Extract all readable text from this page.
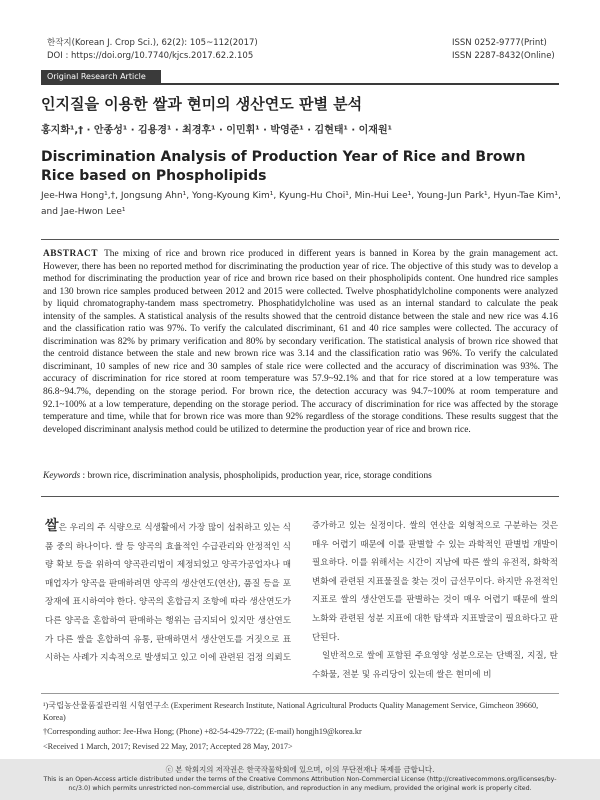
한작지(Korean J. Crop Sci.), 62(2): 105~112(2017)
DOI : https://doi.org/10.7740/kjcs.2017.62.2.105
ISSN 0252-9777(Print)
ISSN 2287-8432(Online)
Original Research Article
인지질을 이용한 쌀과 현미의 생산연도 판별 분석
홍지화¹,† · 안종성¹ · 김용경¹ · 최경후¹ · 이민휘¹ · 박영준¹ · 김현태¹ · 이재원¹
Discrimination Analysis of Production Year of Rice and Brown Rice based on Phospholipids
Jee-Hwa Hong¹,†, Jongsung Ahn¹, Yong-Kyoung Kim¹, Kyung-Hu Choi¹, Min-Hui Lee¹, Young-Jun Park¹, Hyun-Tae Kim¹, and Jae-Hwon Lee¹
ABSTRACT The mixing of rice and brown rice produced in different years is banned in Korea by the grain management act. However, there has been no reported method for discriminating the production year of rice. The objective of this study was to develop a method for discriminating the production year of rice and brown rice based on their phospholipids content. One hundred rice samples and 130 brown rice samples produced between 2012 and 2015 were collected. Twelve phosphatidylcholine components were analyzed by liquid chromatography-tandem mass spectrometry. Phosphatidylcholine was used as an internal standard to calculate the peak intensity of the samples. A statistical analysis of the results showed that the centroid distance between the stale and new rice was 4.16 and the classification ratio was 97%. To verify the calculated discriminant, 61 and 40 rice samples were collected. The accuracy of discrimination was 82% by primary verification and 80% by secondary verification. The statistical analysis of brown rice showed that the centroid distance between the stale and new brown rice was 3.14 and the classification ratio was 96%. To verify the calculated discriminant, 10 samples of new rice and 30 samples of stale rice were collected and the accuracy of discrimination was 93%. The accuracy of discrimination for rice stored at room temperature was 57.9~92.1% and that for rice stored at a low temperature was 86.8~94.7%, depending on the storage period. For brown rice, the detection accuracy was 94.7~100% at room temperature and 92.1~100% at a low temperature, depending on the storage period. The accuracy of discrimination for rice was affected by the storage temperature and time, while that for brown rice was more than 92% regardless of the storage conditions. These results suggest that the developed discriminant analysis method could be utilized to determine the production year of rice and brown rice.
Keywords : brown rice, discrimination analysis, phospholipids, production year, rice, storage conditions
쌀은 우리의 주 식량으로 식생활에서 가장 많이 섭취하고 있는 식품 중의 하나이다. 쌀 등 양곡의 효율적인 수급관리와 안정적인 식량 확보 등을 위하여 양곡관리법이 제정되었고 양곡가공업자나 매매업자가 양곡을 판매하려면 양곡의 생산연도(연산), 품질 등을 포장재에 표시하여야 한다. 양곡의 혼합금지 조항에 따라 생산연도가 다른 양곡을 혼합하여 판매하는 행위는 금지되어 있지만 생산연도가 다른 쌀을 혼합하여 유통, 판매하면서 생산연도를 거짓으로 표시하는 사례가 지속적으로 발생되고 있고 이에 관련된 검정 의뢰도
증가하고 있는 실정이다. 쌀의 연산을 외형적으로 구분하는 것은 매우 어렵기 때문에 이를 판별할 수 있는 과학적인 판별법 개발이 필요하다. 이를 위해서는 시간이 지남에 따른 쌀의 유전적, 화학적 변화에 관련된 지표물질을 찾는 것이 급선무이다. 하지만 유전적인 지표로 쌀의 생산연도를 판별하는 것이 매우 어렵기 때문에 쌀의 노화와 관련된 성분 지표에 대한 탐색과 지표발굴이 필요하다고 판단된다.
일반적으로 쌀에 포함된 주요영양 성분으로는 단백질, 지질, 탄수화물, 전분 및 유리당이 있는데 쌀은 현미에 비

¹)국립농산물품질관리원 시험연구소 (Experiment Research Institute, National Agricultural Products Quality Management Service, Gimcheon 39660, Korea)

†Corresponding author: Jee-Hwa Hong; (Phone) +82-54-429-7722; (E-mail) hongjh19@korea.kr

<Received 1 March, 2017; Revised 22 May, 2017; Accepted 28 May, 2017>

ⓒ 본 학회지의 저작권은 한국작물학회에 있으며, 이의 무단전재나 복제를 금합니다.
This is an Open-Access article distributed under the terms of the Creative Commons Attribution Non-Commercial License (http://creativecommons.org/licenses/by-nc/3.0) which permits unrestricted non-commercial use, distribution, and reproduction in any medium, provided the original work is properly cited.
